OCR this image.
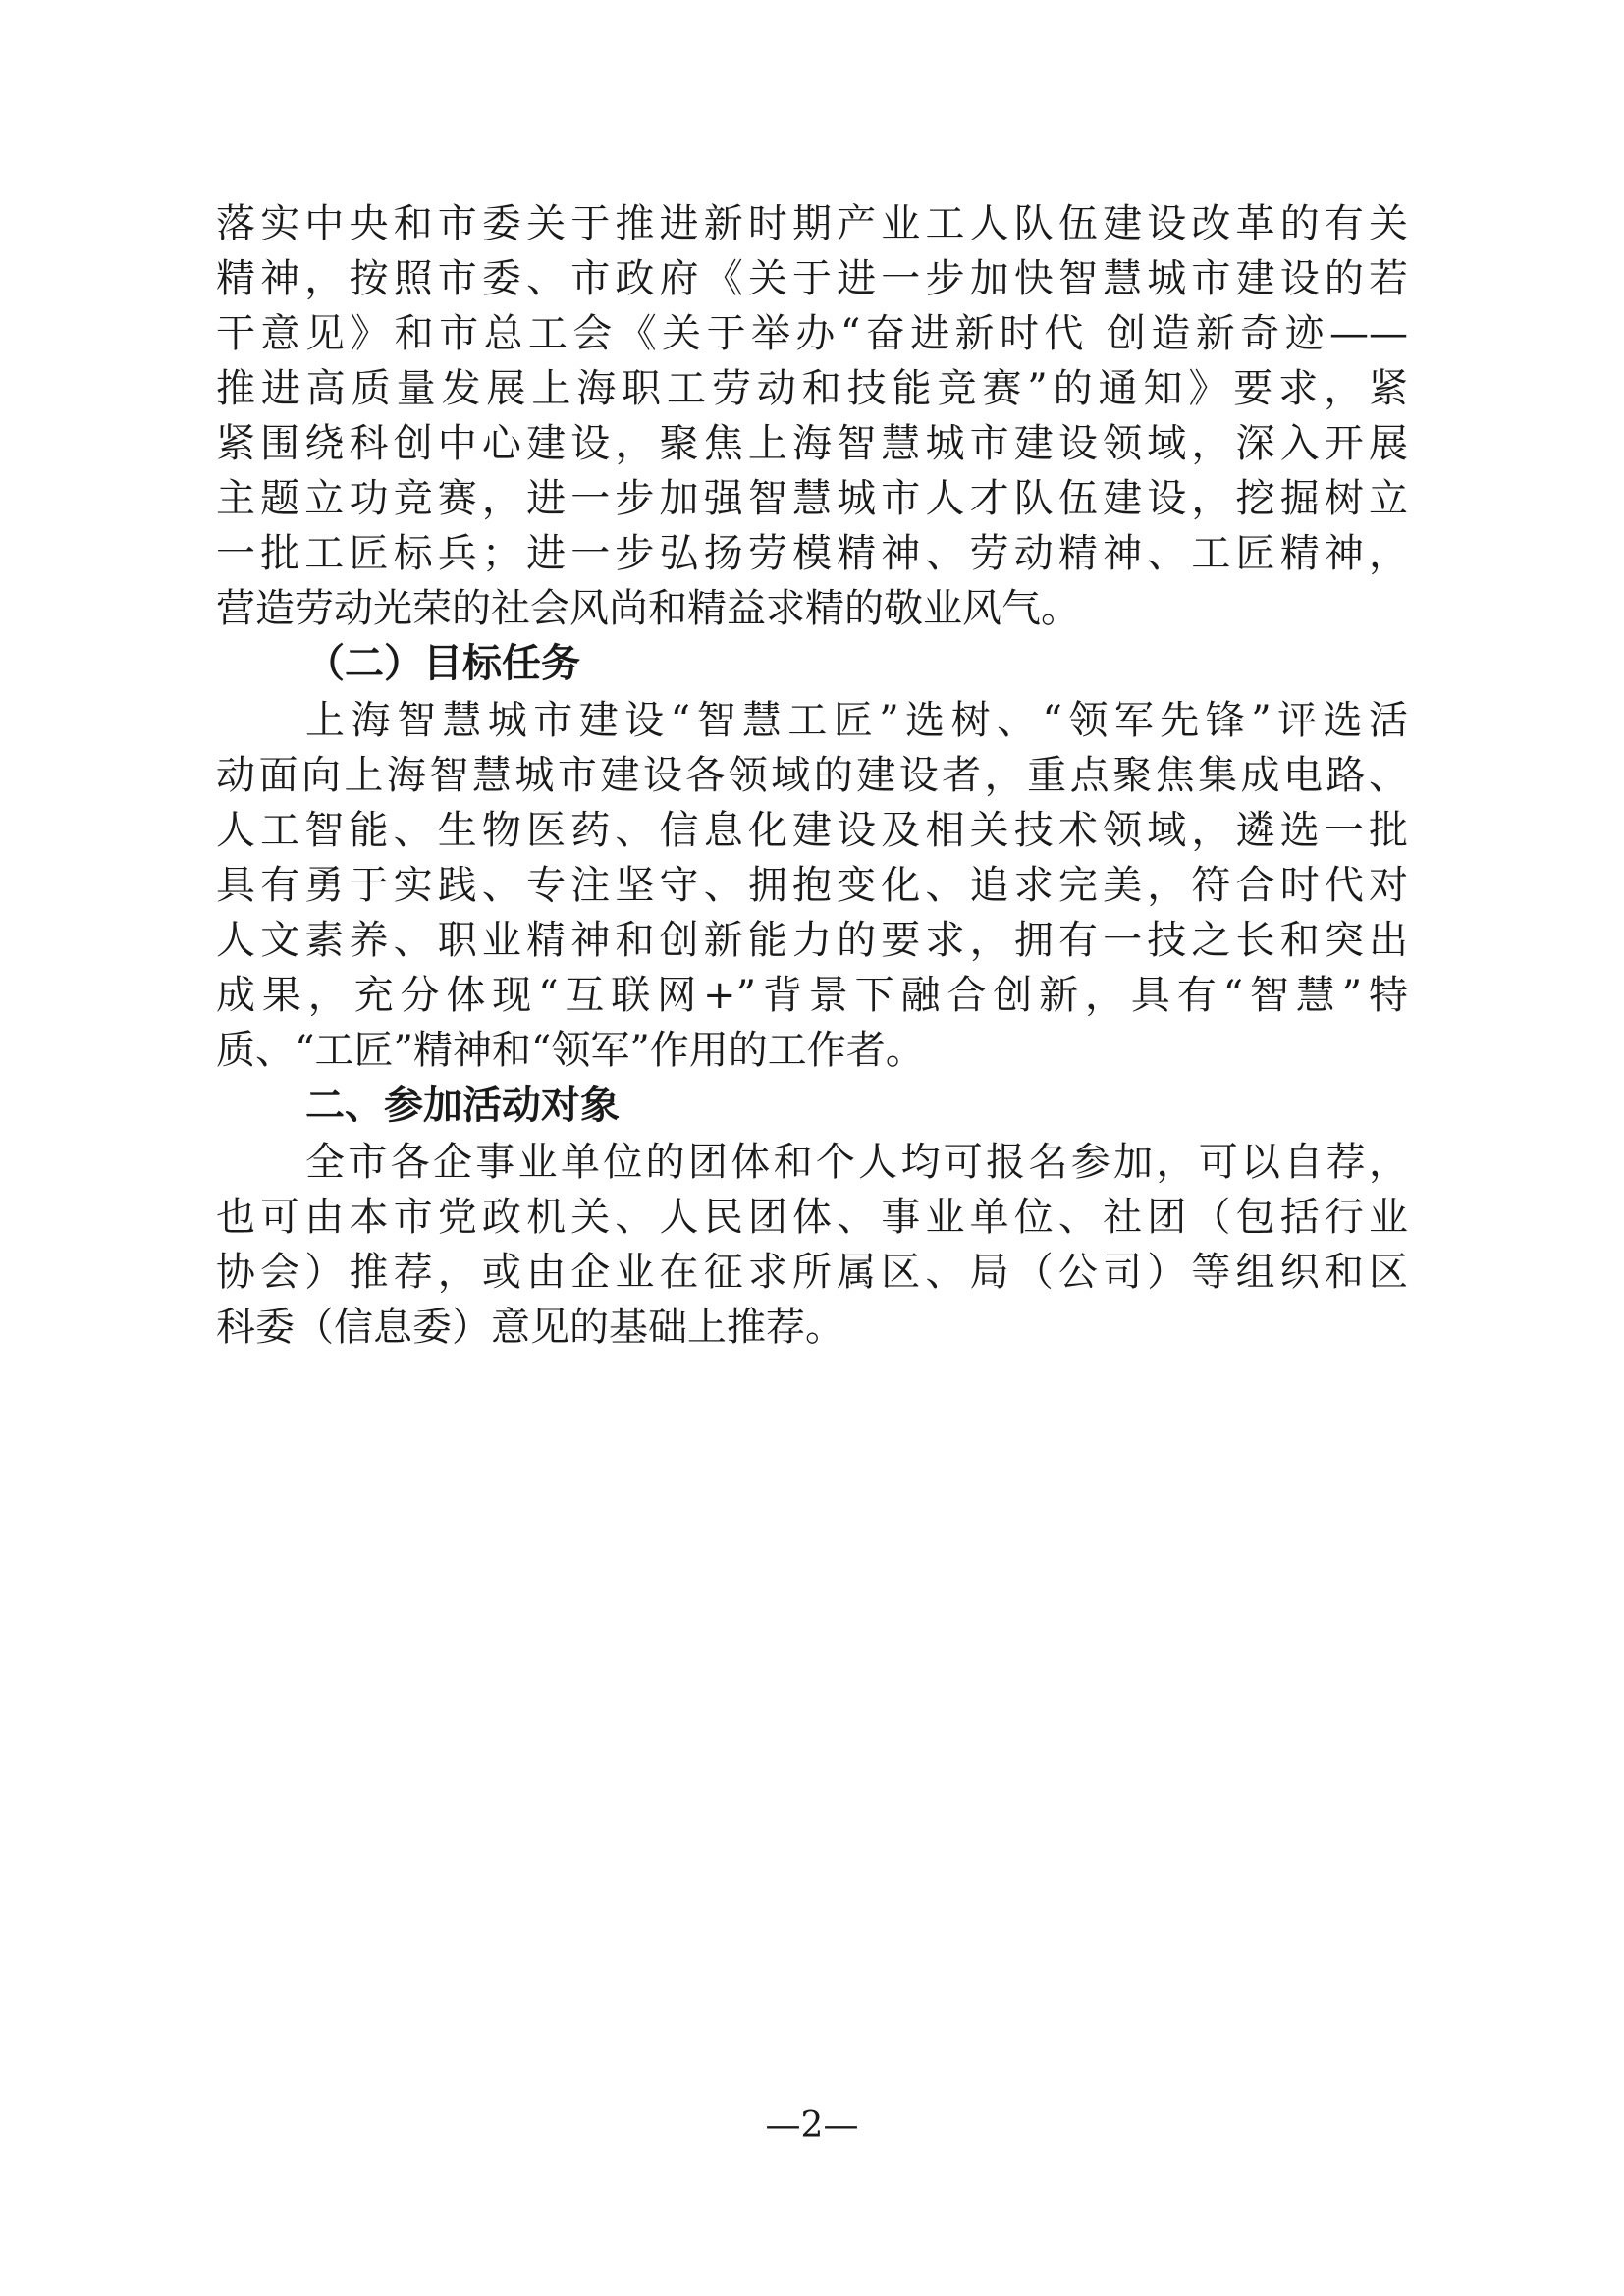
落实中央和市委关于推进新时期产业工人队伍建设改革的有关
精神，按照市委、市政府《关于进一步加快智慧城市建设的若
干意见》和市总工会《关于举办“奋进新时代 创造新奇迹——
推进高质量发展上海职工劳动和技能竞赛”的通知》要求，紧
紧围绕科创中心建设，聚焦上海智慧城市建设领域，深入开展
主题立功竞赛，进一步加强智慧城市人才队伍建设，挖掘树立
一批工匠标兵；进一步弘扬劳模精神、劳动精神、工匠精神，
营造劳动光荣的社会风尚和精益求精的敬业风气。
（二）目标任务
上海智慧城市建设“智慧工匠”选树、“领军先锋”评选活
动面向上海智慧城市建设各领域的建设者，重点聚焦集成电路、
人工智能、生物医药、信息化建设及相关技术领域，遴选一批
具有勇于实践、专注坚守、拥抱变化、追求完美，符合时代对
人文素养、职业精神和创新能力的要求，拥有一技之长和突出
成果，充分体现“互联网+”背景下融合创新，具有“智慧”特
质、“工匠”精神和“领军”作用的工作者。
二、参加活动对象
全市各企事业单位的团体和个人均可报名参加，可以自荐，
也可由本市党政机关、人民团体、事业单位、社团（包括行业
协会）推荐，或由企业在征求所属区、局（公司）等组织和区
科委（信息委）意见的基础上推荐。
—2—
